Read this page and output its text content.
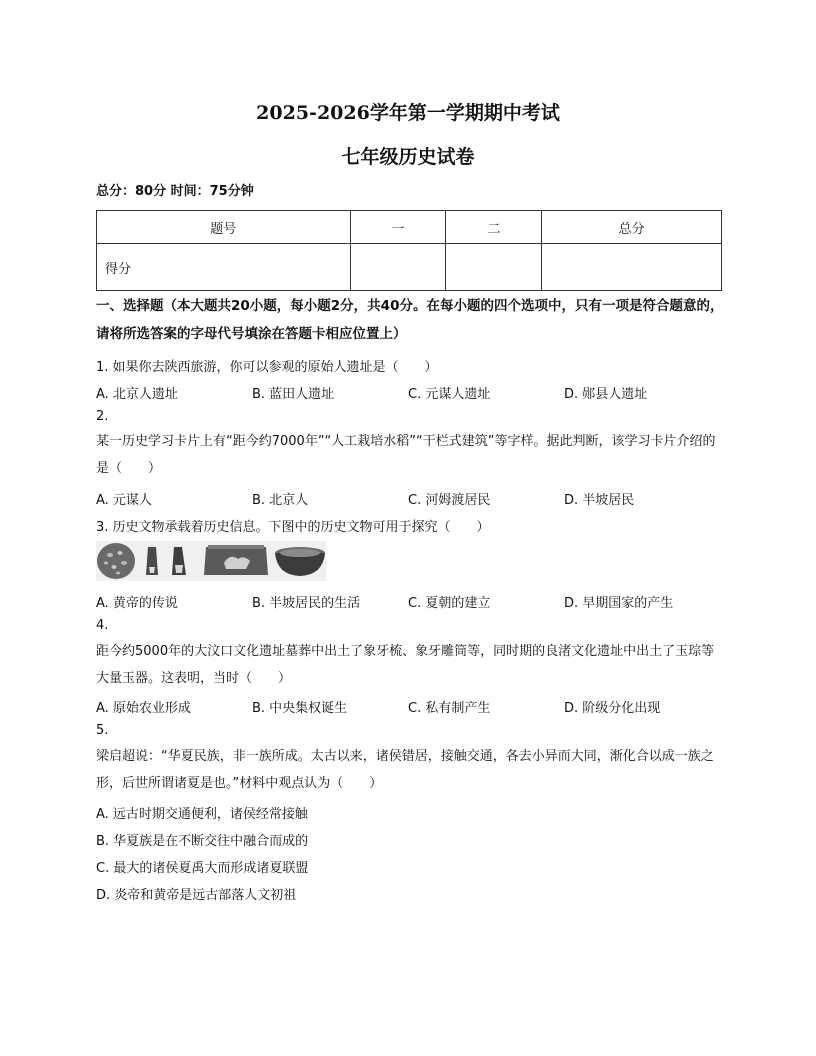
2025-2026学年第一学期期中考试
七年级历史试卷
总分：80分 时间：75分钟
题号	一	二	总分
得分			
一、选择题（本大题共20小题，每小题2分，共40分。在每小题的四个选项中，只有一项是符合题意的，请将所选答案的字母代号填涂在答题卡相应位置上）
1. 如果你去陕西旅游，你可以参观的原始人遗址是（　　）
A. 北京人遗址	B. 蓝田人遗址	C. 元谋人遗址	D. 郧县人遗址
2.
某一历史学习卡片上有“距今约7000年”“人工栽培水稻”“干栏式建筑”等字样。据此判断，该学习卡片介绍的是（　　）
A. 元谋人	B. 北京人	C. 河姆渡居民	D. 半坡居民
3. 历史文物承载着历史信息。下图中的历史文物可用于探究（　　）
A. 黄帝的传说	B. 半坡居民的生活	C. 夏朝的建立	D. 早期国家的产生
4.
距今约5000年的大汶口文化遗址墓葬中出土了象牙梳、象牙雕筒等，同时期的良渚文化遗址中出土了玉琮等大量玉器。这表明，当时（　　）
A. 原始农业形成	B. 中央集权诞生	C. 私有制产生	D. 阶级分化出现
5.
梁启超说：“华夏民族，非一族所成。太古以来，诸侯错居，接触交通，各去小异而大同，渐化合以成一族之形，后世所谓诸夏是也。”材料中观点认为（　　）
A. 远古时期交通便利，诸侯经常接触
B. 华夏族是在不断交往中融合而成的
C. 最大的诸侯夏禹大而形成诸夏联盟
D. 炎帝和黄帝是远古部落人文初祖
